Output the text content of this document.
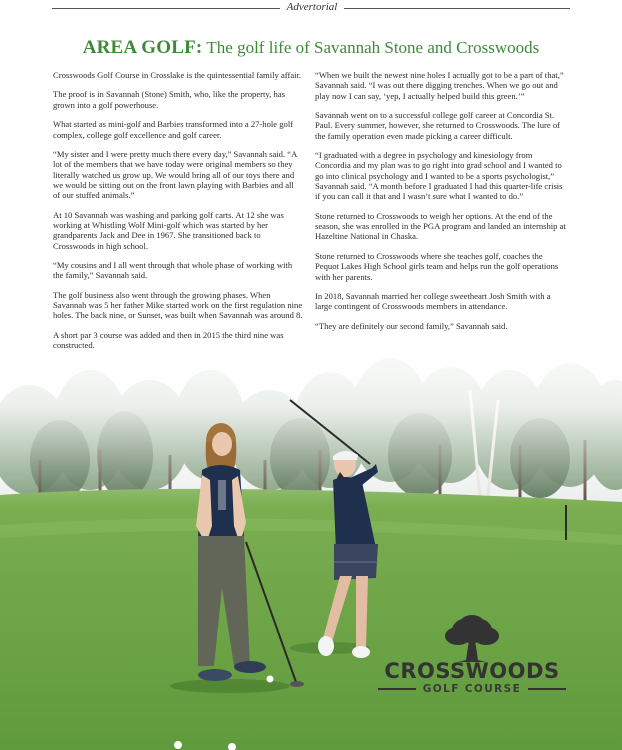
Advertorial
AREA GOLF: The golf life of Savannah Stone and Crosswoods

Crosswoods Golf Course in Crosslake is the quintessential family affair.

The proof is in Savannah (Stone) Smith, who, like the property, has grown into a golf powerhouse.

What started as mini-golf and Barbies transformed into a 27-hole golf complex, college golf excellence and golf career.

“My sister and I were pretty much there every day,” Savannah said. “A lot of the members that we have today were original members so they literally watched us grow up. We would bring all of our toys there and we would be sitting out on the front lawn playing with Barbies and all of our stuffed animals.”

At 10 Savannah was washing and parking golf carts. At 12 she was working at Whistling Wolf Mini-golf which was started by her grandparents Jack and Dee in 1967. She transitioned back to Crosswoods in high school.

“My cousins and I all went through that whole phase of working with the family,” Savannah said.

The golf business also went through the growing phases. When Savannah was 5 her father Mike started work on the first regulation nine holes. The back nine, or Sunset, was built when Savannah was around 8.

A short par 3 course was added and then in 2015 the third nine was constructed.

“When we built the newest nine holes I actually got to be a part of that,” Savannah said. “I was out there digging trenches. When we go out and play now I can say, ‘yep, I actually helped build this green.’”

Savannah went on to a successful college golf career at Concordia St. Paul. Every summer, however, she returned to Crosswoods. The lure of the family operation even made picking a career difficult.

“I graduated with a degree in psychology and kinesiology from Concordia and my plan was to go right into grad school and I wanted to go into clinical psychology and I wanted to be a sports psychologist,” Savannah said. “A month before I graduated I had this quarter-life crisis if you can call it that and I wasn’t sure what I wanted to do.”

Stone returned to Crosswoods to weigh her options. At the end of the season, she was enrolled in the PGA program and landed an internship at Hazeltine National in Chaska.

Stone returned to Crosswoods where she teaches golf, coaches the Pequot Lakes High School girls team and helps run the golf operations with her parents.

In 2018, Savannah married her college sweetheart Josh Smith with a large contingent of Crosswoods members in attendance.

“They are definitely our second family,” Savannah said.

CROSSWOODS
GOLF COURSE
